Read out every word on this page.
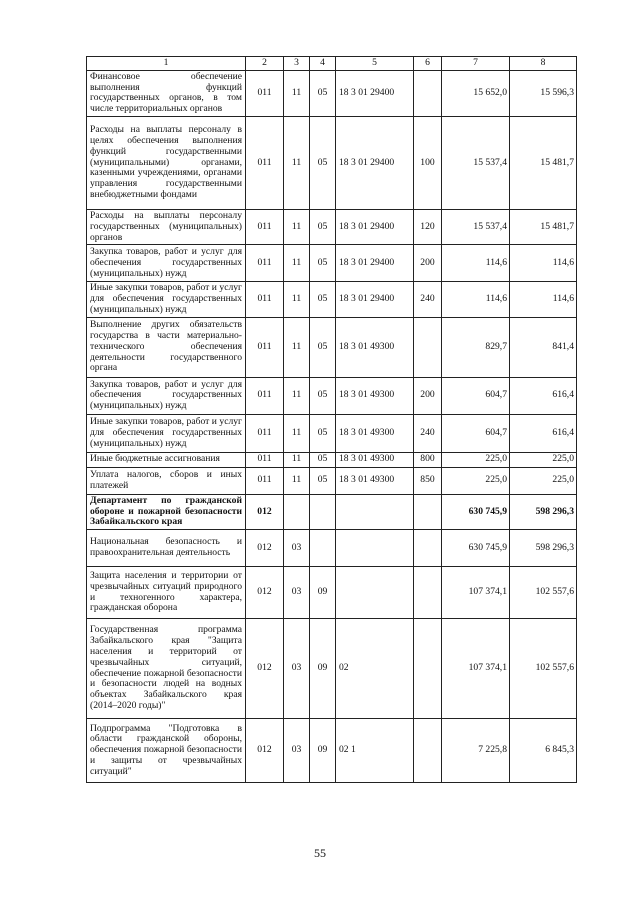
1	2	3	4	5	6	7	8
Финансовое обеспечение выполнения функций государственных органов, в том числе территориальных органов	011	11	05	18 3 01 29400		15 652,0	15 596,3
Расходы на выплаты персоналу в целях обеспечения выполнения функций государственными (муниципальными) органами, казенными учреждениями, органами управления государственными внебюджетными фондами	011	11	05	18 3 01 29400	100	15 537,4	15 481,7
Расходы на выплаты персоналу государственных (муниципальных) органов	011	11	05	18 3 01 29400	120	15 537,4	15 481,7
Закупка товаров, работ и услуг для обеспечения государственных (муниципальных) нужд	011	11	05	18 3 01 29400	200	114,6	114,6
Иные закупки товаров, работ и услуг для обеспечения государственных (муниципальных) нужд	011	11	05	18 3 01 29400	240	114,6	114,6
Выполнение других обязательств государства в части материально-технического обеспечения деятельности государственного органа	011	11	05	18 3 01 49300		829,7	841,4
Закупка товаров, работ и услуг для обеспечения государственных (муниципальных) нужд	011	11	05	18 3 01 49300	200	604,7	616,4
Иные закупки товаров, работ и услуг для обеспечения государственных (муниципальных) нужд	011	11	05	18 3 01 49300	240	604,7	616,4
Иные бюджетные ассигнования	011	11	05	18 3 01 49300	800	225,0	225,0
Уплата налогов, сборов и иных платежей	011	11	05	18 3 01 49300	850	225,0	225,0
Департамент по гражданской обороне и пожарной безопасности Забайкальского края	012					630 745,9	598 296,3
Национальная безопасность и правоохранительная деятельность	012	03				630 745,9	598 296,3
Защита населения и территории от чрезвычайных ситуаций природного и техногенного характера, гражданская оборона	012	03	09			107 374,1	102 557,6
Государственная программа Забайкальского края "Защита населения и территорий от чрезвычайных ситуаций, обеспечение пожарной безопасности и безопасности людей на водных объектах Забайкальского края (2014–2020 годы)"	012	03	09	02		107 374,1	102 557,6
Подпрограмма "Подготовка в области гражданской обороны, обеспечения пожарной безопасности и защиты от чрезвычайных ситуаций"	012	03	09	02 1		7 225,8	6 845,3
55
